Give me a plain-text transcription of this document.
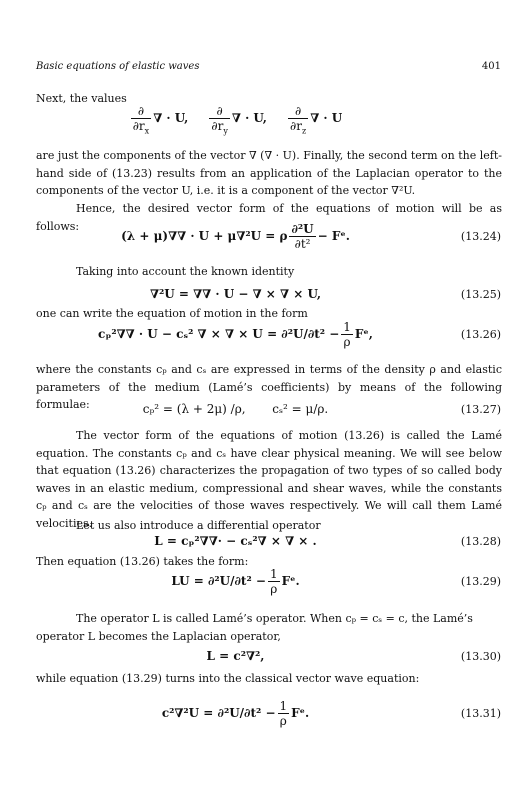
Basic equations of elastic waves	401
Next, the values
$\frac{\partial}{\partial r_x}$ ∇ · U, $\frac{\partial}{\partial r_y}$ ∇ · U, $\frac{\partial}{\partial r_z}$ ∇ · U

are just the components of the vector ∇ (∇ · U). Finally, the second term on the left-hand side of (13.23) results from an application of the Laplacian operator to the components of the vector U, i.e. it is a component of the vector ∇²U.

Hence, the desired vector form of the equations of motion will be as follows:

(λ + μ)∇∇ · U + μ∇²U = ρ $\frac{\text{∂²U}}{\text{∂t²}}$ − Fᵉ.	(13.24)

Taking into account the known identity

∇²U = ∇∇ · U − ∇ × ∇ × U,	(13.25)
one can write the equation of motion in the form
cₚ²∇∇ · U − cₛ² ∇ × ∇ × $U = \partial^2U/\partial t^2 - \frac{1}{\rho}$ Fᵉ,	(13.26)

where the constants cₚ and cₛ are expressed in terms of the density ρ and elastic parameters of the medium (Lamé’s coefficients) by means of the following formulae:	cₚ² = (λ + 2μ) /ρ, cₛ² = μ/ρ.	(13.27)

The vector form of the equations of motion (13.26) is called the Lamé equation. The constants cₚ and cₛ have clear physical meaning. We will see below that equation (13.26) characterizes the propagation of two types of so called body waves in an elastic medium, compressional and shear waves, while the constants cₚ and cₛ are the velocities of those waves respectively. We will call them Lamé velocities.

Let us also introduce a differential operator

L = cₚ²∇∇· − cₛ²∇ × ∇ × .	(13.28)
Then equation (13.26) takes the form:
LU = $\partial^2U/\partial t^2 - \frac{1}{\rho}$ Fᵉ.	(13.29)
The operator L is called Lamé’s operator. When cₚ = cₛ = c, the Lamé’s
operator L becomes the Laplacian operator,
L = c²∇²,	(13.30)
while equation (13.29) turns into the classical vector wave equation:
$c^2\nabla^2U = \partial^2U/\partial t^2 - \frac{1}{\rho}$ Fᵉ.	(13.31)
